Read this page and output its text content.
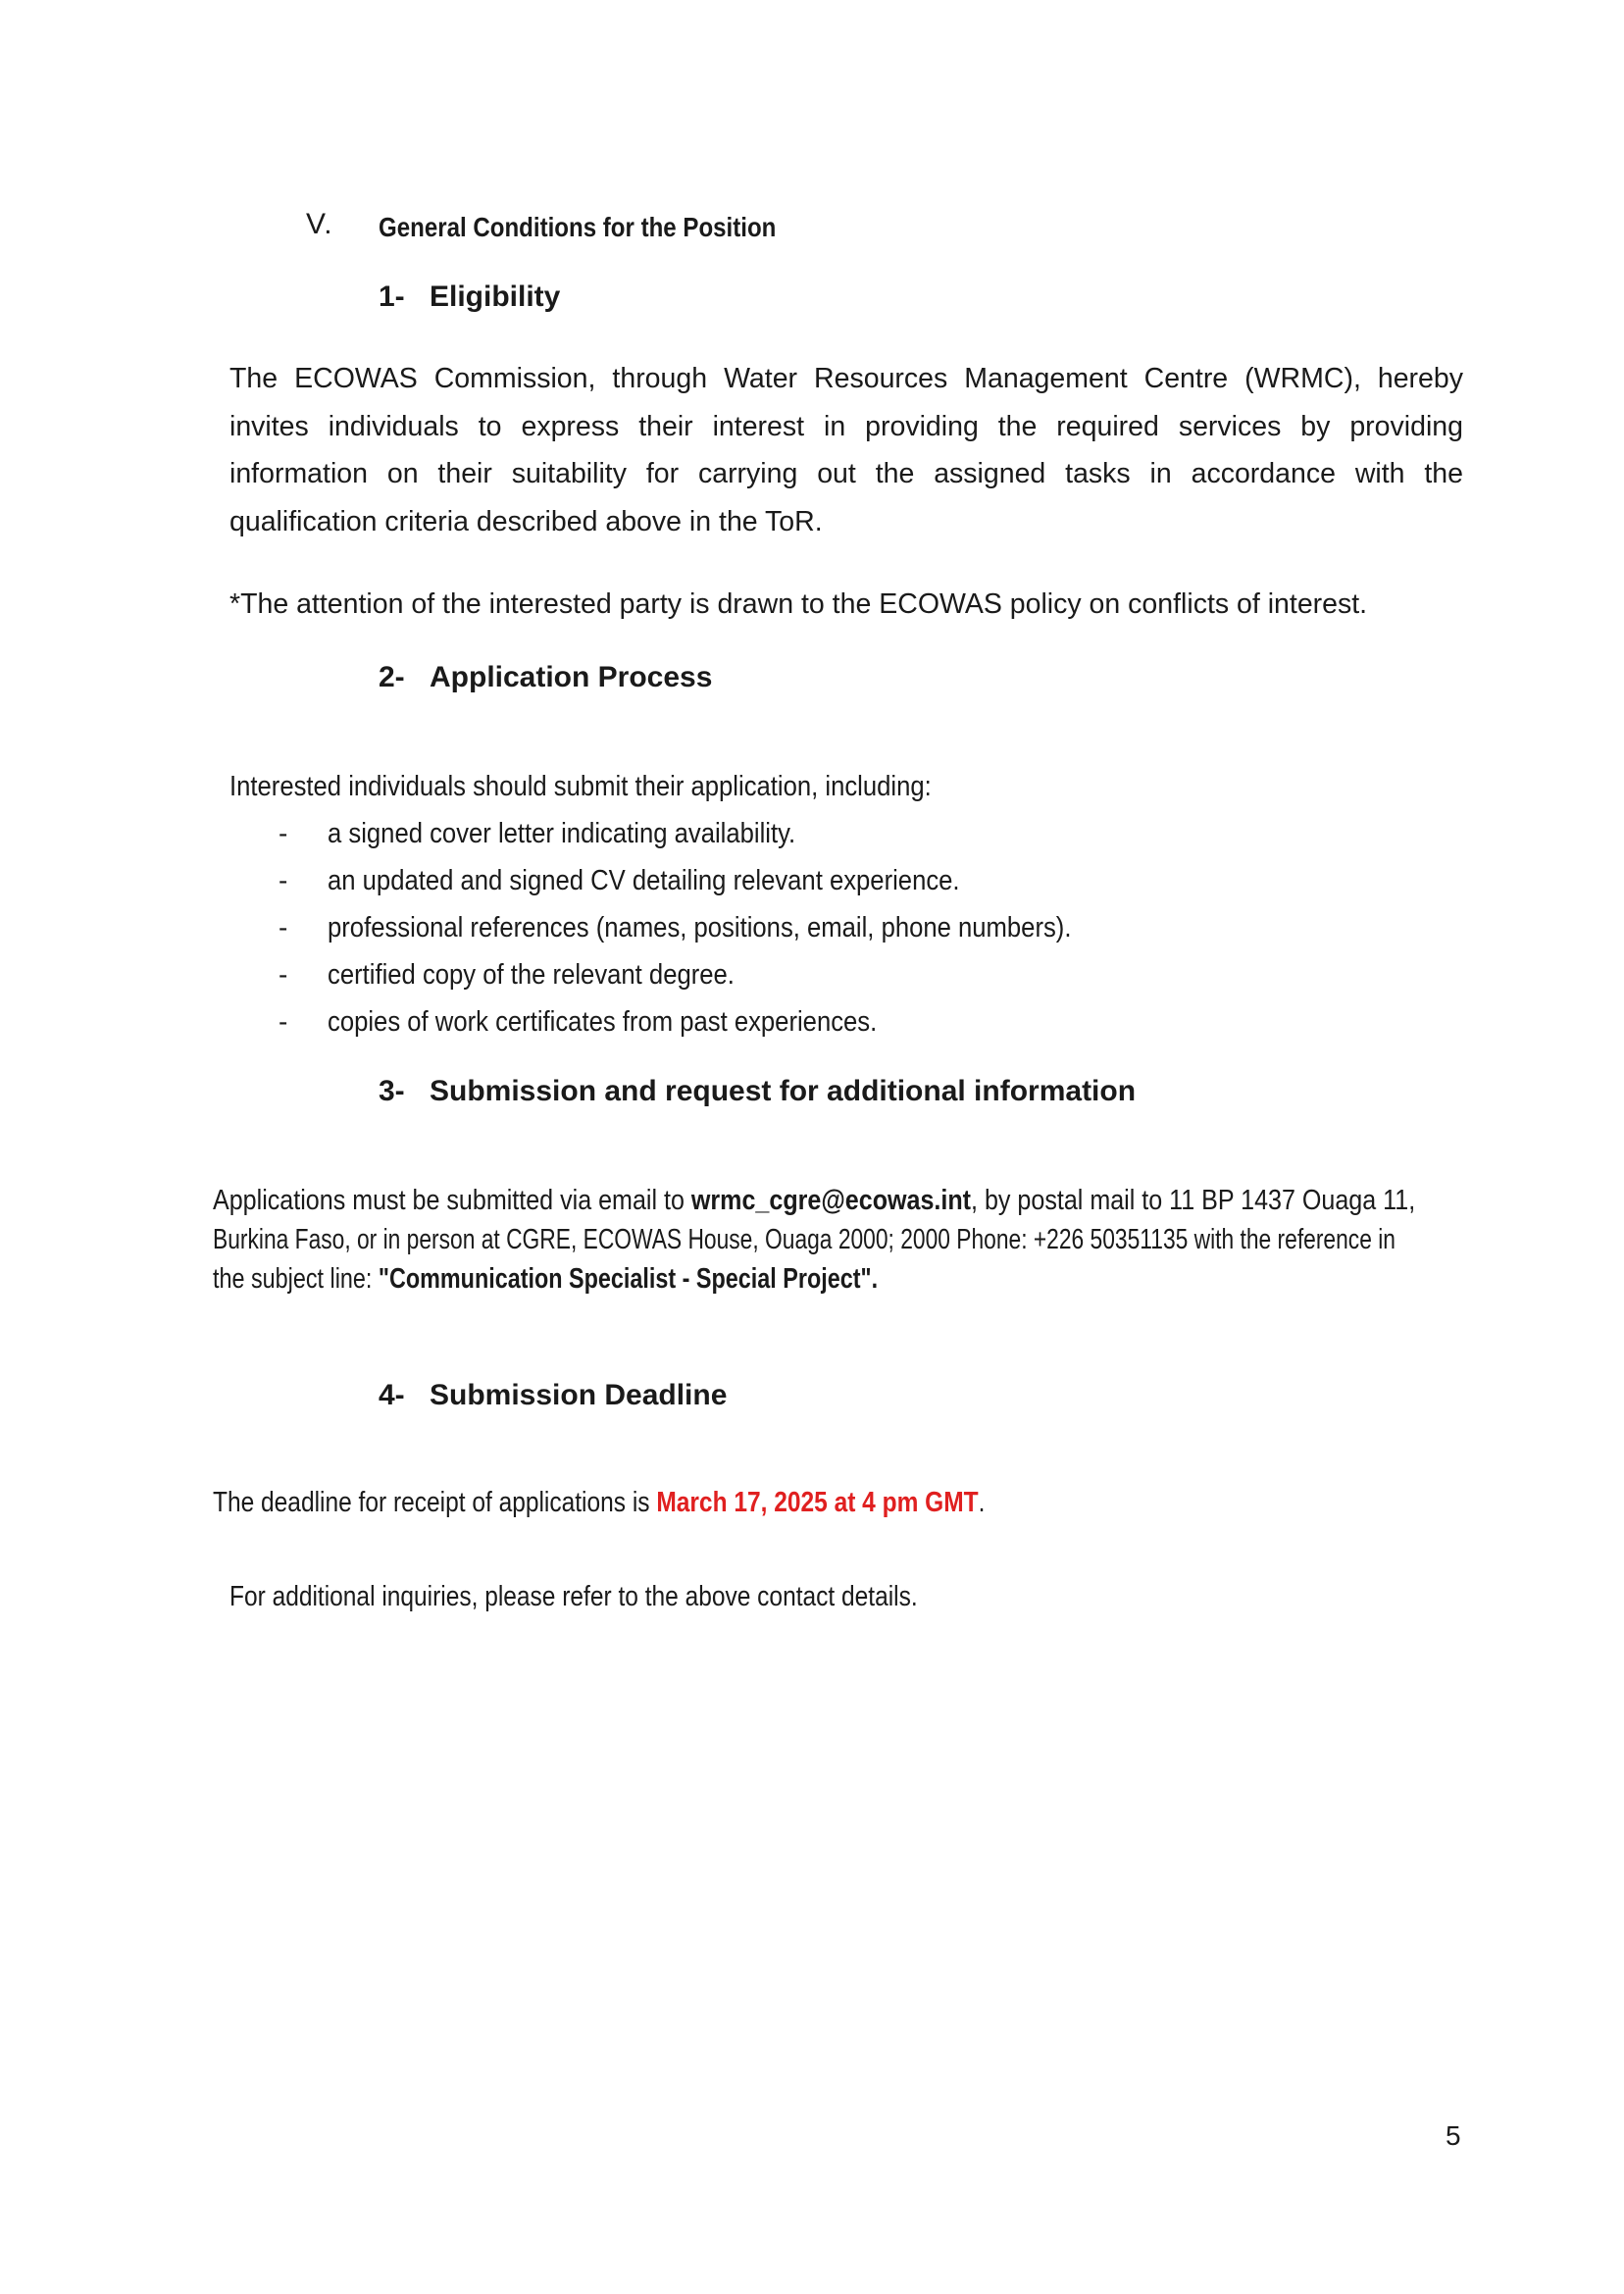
V. General Conditions for the Position
1- Eligibility
The ECOWAS Commission, through Water Resources Management Centre (WRMC), hereby invites individuals to express their interest in providing the required services by providing information on their suitability for carrying out the assigned tasks in accordance with the qualification criteria described above in the ToR.
*The attention of the interested party is drawn to the ECOWAS policy on conflicts of interest.
2- Application Process
Interested individuals should submit their application, including:
- a signed cover letter indicating availability.
- an updated and signed CV detailing relevant experience.
- professional references (names, positions, email, phone numbers).
- certified copy of the relevant degree.
- copies of work certificates from past experiences.
3- Submission and request for additional information
Applications must be submitted via email to wrmc_cgre@ecowas.int, by postal mail to 11 BP 1437 Ouaga 11,
Burkina Faso, or in person at CGRE, ECOWAS House, Ouaga 2000; 2000 Phone: +226 50351135 with the reference in
the subject line: "Communication Specialist - Special Project".
4- Submission Deadline
The deadline for receipt of applications is March 17, 2025 at 4 pm GMT.
For additional inquiries, please refer to the above contact details.
5
